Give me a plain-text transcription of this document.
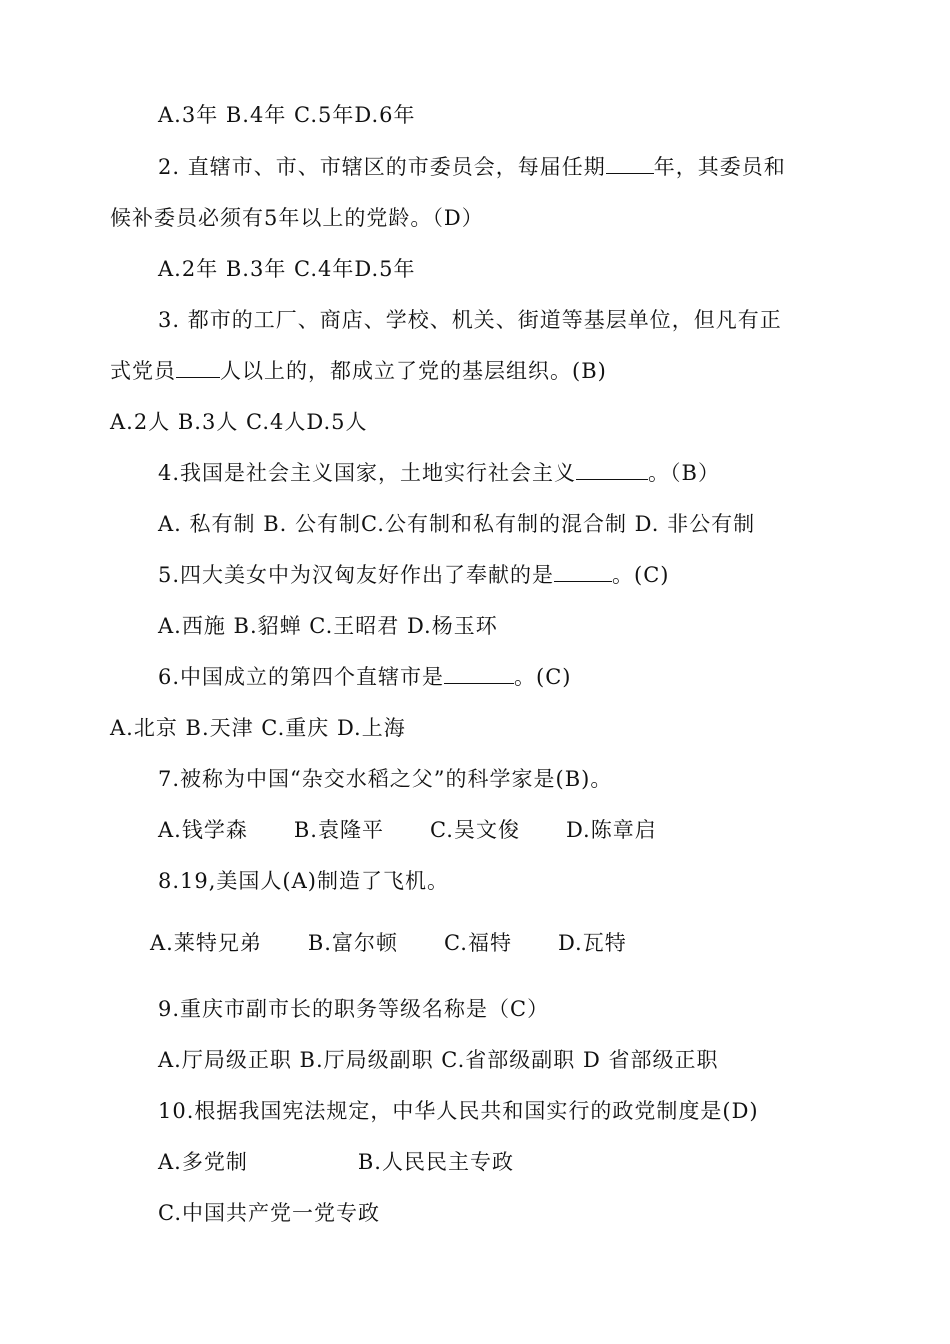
A.3年 B.4年 C.5年D.6年

2. 直辖市、市、市辖区的市委员会，每届任期 年，其委员和

候补委员必须有5年以上的党龄。（D）

A.2年 B.3年 C.4年D.5年

3. 都市的工厂、商店、学校、机关、街道等基层单位，但凡有正

式党员 人以上的，都成立了党的基层组织。(B)

A.2人 B.3人 C.4人D.5人

4.我国是社会主义国家，土地实行社会主义	。（B）

A. 私有制 B. 公有制C.公有制和私有制的混合制 D. 非公有制

5.四大美女中为汉匈友好作出了奉献的是	。(C)

A.西施 B.貂蝉 C.王昭君 D.杨玉环

6.中国成立的第四个直辖市是	。(C)

A.北京 B.天津 C.重庆 D.上海

7.被称为中国“杂交水稻之父”的科学家是(B)。

A.钱学森 B.袁隆平 C.吴文俊 D.陈章启

8.19,美国人(A)制造了飞机。

A.莱特兄弟 B.富尔顿 C.福特 D.瓦特

9.重庆市副市长的职务等级名称是（C）

A.厅局级正职 B.厅局级副职 C.省部级副职 D 省部级正职

10.根据我国宪法规定，中华人民共和国实行的政党制度是(D)

A.多党制	B.人民民主专政

C.中国共产党一党专政
